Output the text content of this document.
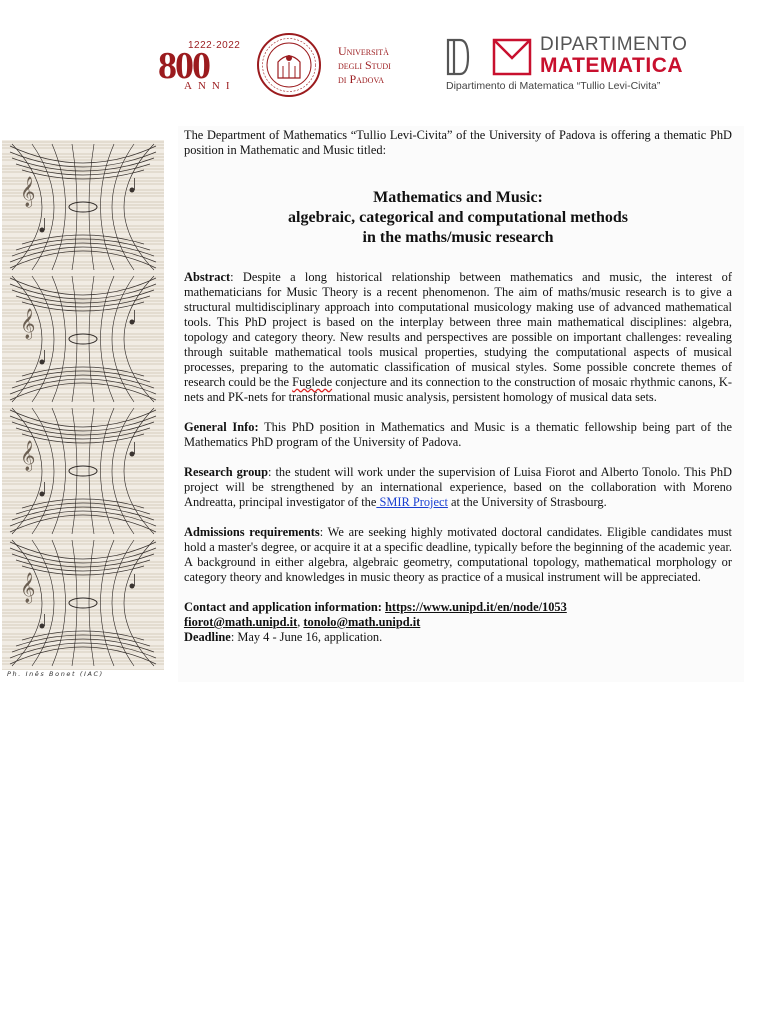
1222·2022
800
ANNI
Università
degli Studi
di Padova
DIPARTIMENTO
MATEMATICA
Dipartimento di Matematica “Tullio Levi-Civita”
Ph. Inês Bonet (IAC)

The Department of Mathematics “Tullio Levi-Civita” of the University of Padova is offering a thematic PhD position in Mathematic and Music titled:

Mathematics and Music:
algebraic, categorical and computational methods
in the maths/music research

Abstract: Despite a long historical relationship between mathematics and music, the interest of mathematicians for Music Theory is a recent phenomenon. The aim of maths/music research is to give a structural multidisciplinary approach into computational musicology making use of advanced mathematical tools. This PhD project is based on the interplay between three main mathematical disciplines: algebra, topology and category theory. New results and perspectives are possible on important challenges: revealing through suitable mathematical tools musical properties, studying the computational aspects of musical processes, preparing to the automatic classification of musical styles. Some possible concrete themes of research could be the Fuglede conjecture and its connection to the construction of mosaic rhythmic canons, K-nets and PK-nets for transformational music analysis, persistent homology of musical data sets.

General Info: This PhD position in Mathematics and Music is a thematic fellowship being part of the Mathematics PhD program of the University of Padova.

Research group: the student will work under the supervision of Luisa Fiorot and Alberto Tonolo. This PhD project will be strengthened by an international experience, based on the collaboration with Moreno Andreatta, principal investigator of the SMIR Project at the University of Strasbourg.

Admissions requirements: We are seeking highly motivated doctoral candidates. Eligible candidates must hold a master's degree, or acquire it at a specific deadline, typically before the beginning of the academic year. A background in either algebra, algebraic geometry, computational topology, mathematical morphology or category theory and knowledges in music theory as practice of a musical instrument will be appreciated.

Contact and application information: https://www.unipd.it/en/node/1053
fiorot@math.unipd.it, tonolo@math.unipd.it
Deadline: May 4 - June 16, application.
